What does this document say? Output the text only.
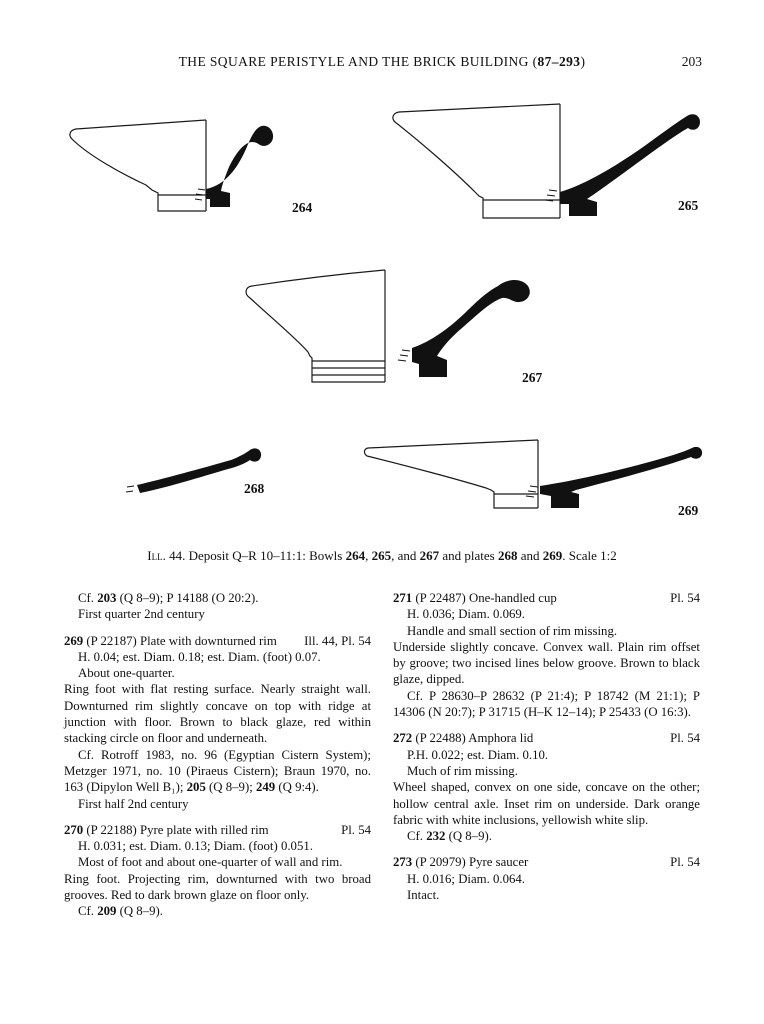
THE SQUARE PERISTYLE AND THE BRICK BUILDING (87–293)	203
264	265
267
268
269
Ill. 44. Deposit Q–R 10–11:1: Bowls 264, 265, and 267 and plates 268 and 269. Scale 1:2
Cf. 203 (Q 8–9); P 14188 (O 20:2).
First quarter 2nd century
269 (P 22187) Plate with downturned rim	Ill. 44, Pl. 54
H. 0.04; est. Diam. 0.18; est. Diam. (foot) 0.07.
About one-quarter.
Ring foot with flat resting surface. Nearly straight wall. Downturned rim slightly concave on top with ridge at junction with floor. Brown to black glaze, red within stacking circle on floor and underneath.
Cf. Rotroff 1983, no. 96 (Egyptian Cistern System); Metzger 1971, no. 10 (Piraeus Cistern); Braun 1970, no. 163 (Dipylon Well B₁); 205 (Q 8–9); 249 (Q 9:4).
First half 2nd century
270 (P 22188) Pyre plate with rilled rim	Pl. 54
H. 0.031; est. Diam. 0.13; Diam. (foot) 0.051.
Most of foot and about one-quarter of wall and rim.
Ring foot. Projecting rim, downturned with two broad grooves. Red to dark brown glaze on floor only.
Cf. 209 (Q 8–9).
271 (P 22487) One-handled cup	Pl. 54
H. 0.036; Diam. 0.069.
Handle and small section of rim missing.
Underside slightly concave. Convex wall. Plain rim offset by groove; two incised lines below groove. Brown to black glaze, dipped.
Cf. P 28630–P 28632 (P 21:4); P 18742 (M 21:1); P 14306 (N 20:7); P 31715 (H–K 12–14); P 25433 (O 16:3).
272 (P 22488) Amphora lid	Pl. 54
P.H. 0.022; est. Diam. 0.10.
Much of rim missing.
Wheel shaped, convex on one side, concave on the other; hollow central axle. Inset rim on underside. Dark orange fabric with white inclusions, yellowish white slip.
Cf. 232 (Q 8–9).
273 (P 20979) Pyre saucer	Pl. 54
H. 0.016; Diam. 0.064.
Intact.
